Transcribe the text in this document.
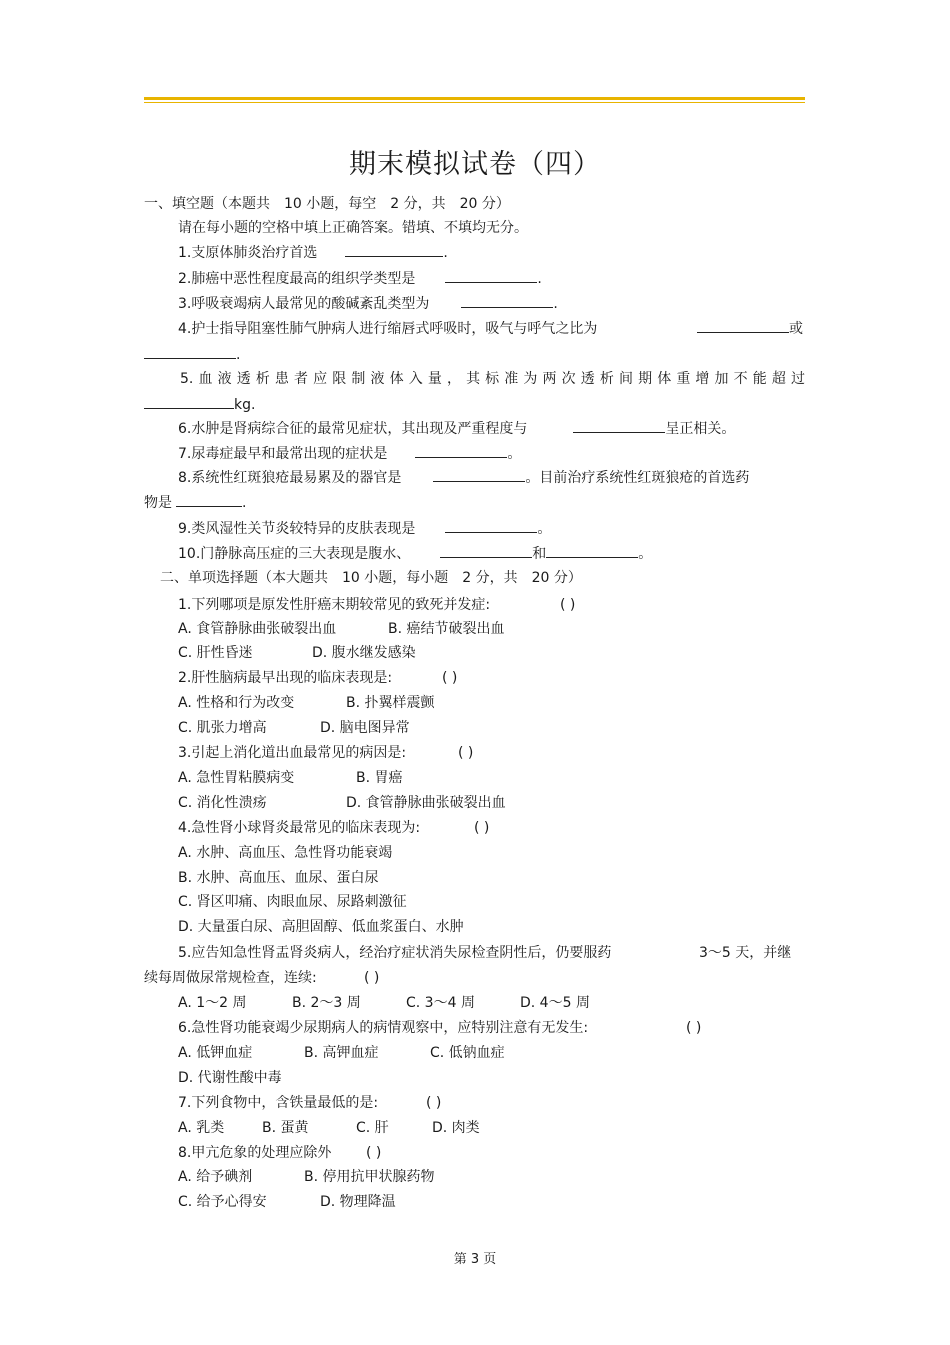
期末模拟试卷（四）
一、填空题（本题共　10 小题，每空　2 分，共　20 分）
请在每小题的空格中填上正确答案。错填、不填均无分。
1.支原体肺炎治疗首选	.
2.肺癌中恶性程度最高的组织学类型是	.
3.呼吸衰竭病人最常见的酸碱紊乱类型为	.
4.护士指导阻塞性肺气肿病人进行缩唇式呼吸时，吸气与呼气之比为	或
.
5.血液透析患者应限制液体入量，其标准为两次透析间期体重增加不能超过
kg.
6.水肿是肾病综合征的最常见症状，其出现及严重程度与	呈正相关。
7.尿毒症最早和最常出现的症状是	。
8.系统性红斑狼疮最易累及的器官是	。目前治疗系统性红斑狼疮的首选药
物是	.
9.类风湿性关节炎较特异的皮肤表现是	。
10.门静脉高压症的三大表现是腹水、	和	。
二、单项选择题（本大题共　10 小题，每小题　2 分，共　20 分）
1.下列哪项是原发性肝癌末期较常见的致死并发症:	( )
A. 食管静脉曲张破裂出血	B. 癌结节破裂出血
C. 肝性昏迷	D. 腹水继发感染
2.肝性脑病最早出现的临床表现是:	( )
A. 性格和行为改变	B. 扑翼样震颤
C. 肌张力增高	D. 脑电图异常
3.引起上消化道出血最常见的病因是:	( )
A. 急性胃粘膜病变	B. 胃癌
C. 消化性溃疡	D. 食管静脉曲张破裂出血
4.急性肾小球肾炎最常见的临床表现为:	( )
A. 水肿、高血压、急性肾功能衰竭
B. 水肿、高血压、血尿、蛋白尿
C. 肾区叩痛、肉眼血尿、尿路刺激征
D. 大量蛋白尿、高胆固醇、低血浆蛋白、水肿
5.应告知急性肾盂肾炎病人，经治疗症状消失尿检查阴性后，仍要服药	3～5 天，并继
续每周做尿常规检查，连续:	( )
A. 1～2 周	B. 2～3 周	C. 3～4 周	D. 4～5 周
6.急性肾功能衰竭少尿期病人的病情观察中，应特别注意有无发生:	( )
A. 低钾血症	B. 高钾血症	C. 低钠血症
D. 代谢性酸中毒
7.下列食物中，含铁量最低的是:	( )
A. 乳类	B. 蛋黄	C. 肝	D. 肉类
8.甲亢危象的处理应除外 ( )
A. 给予碘剂	B. 停用抗甲状腺药物
C. 给予心得安	D. 物理降温
第 3 页
